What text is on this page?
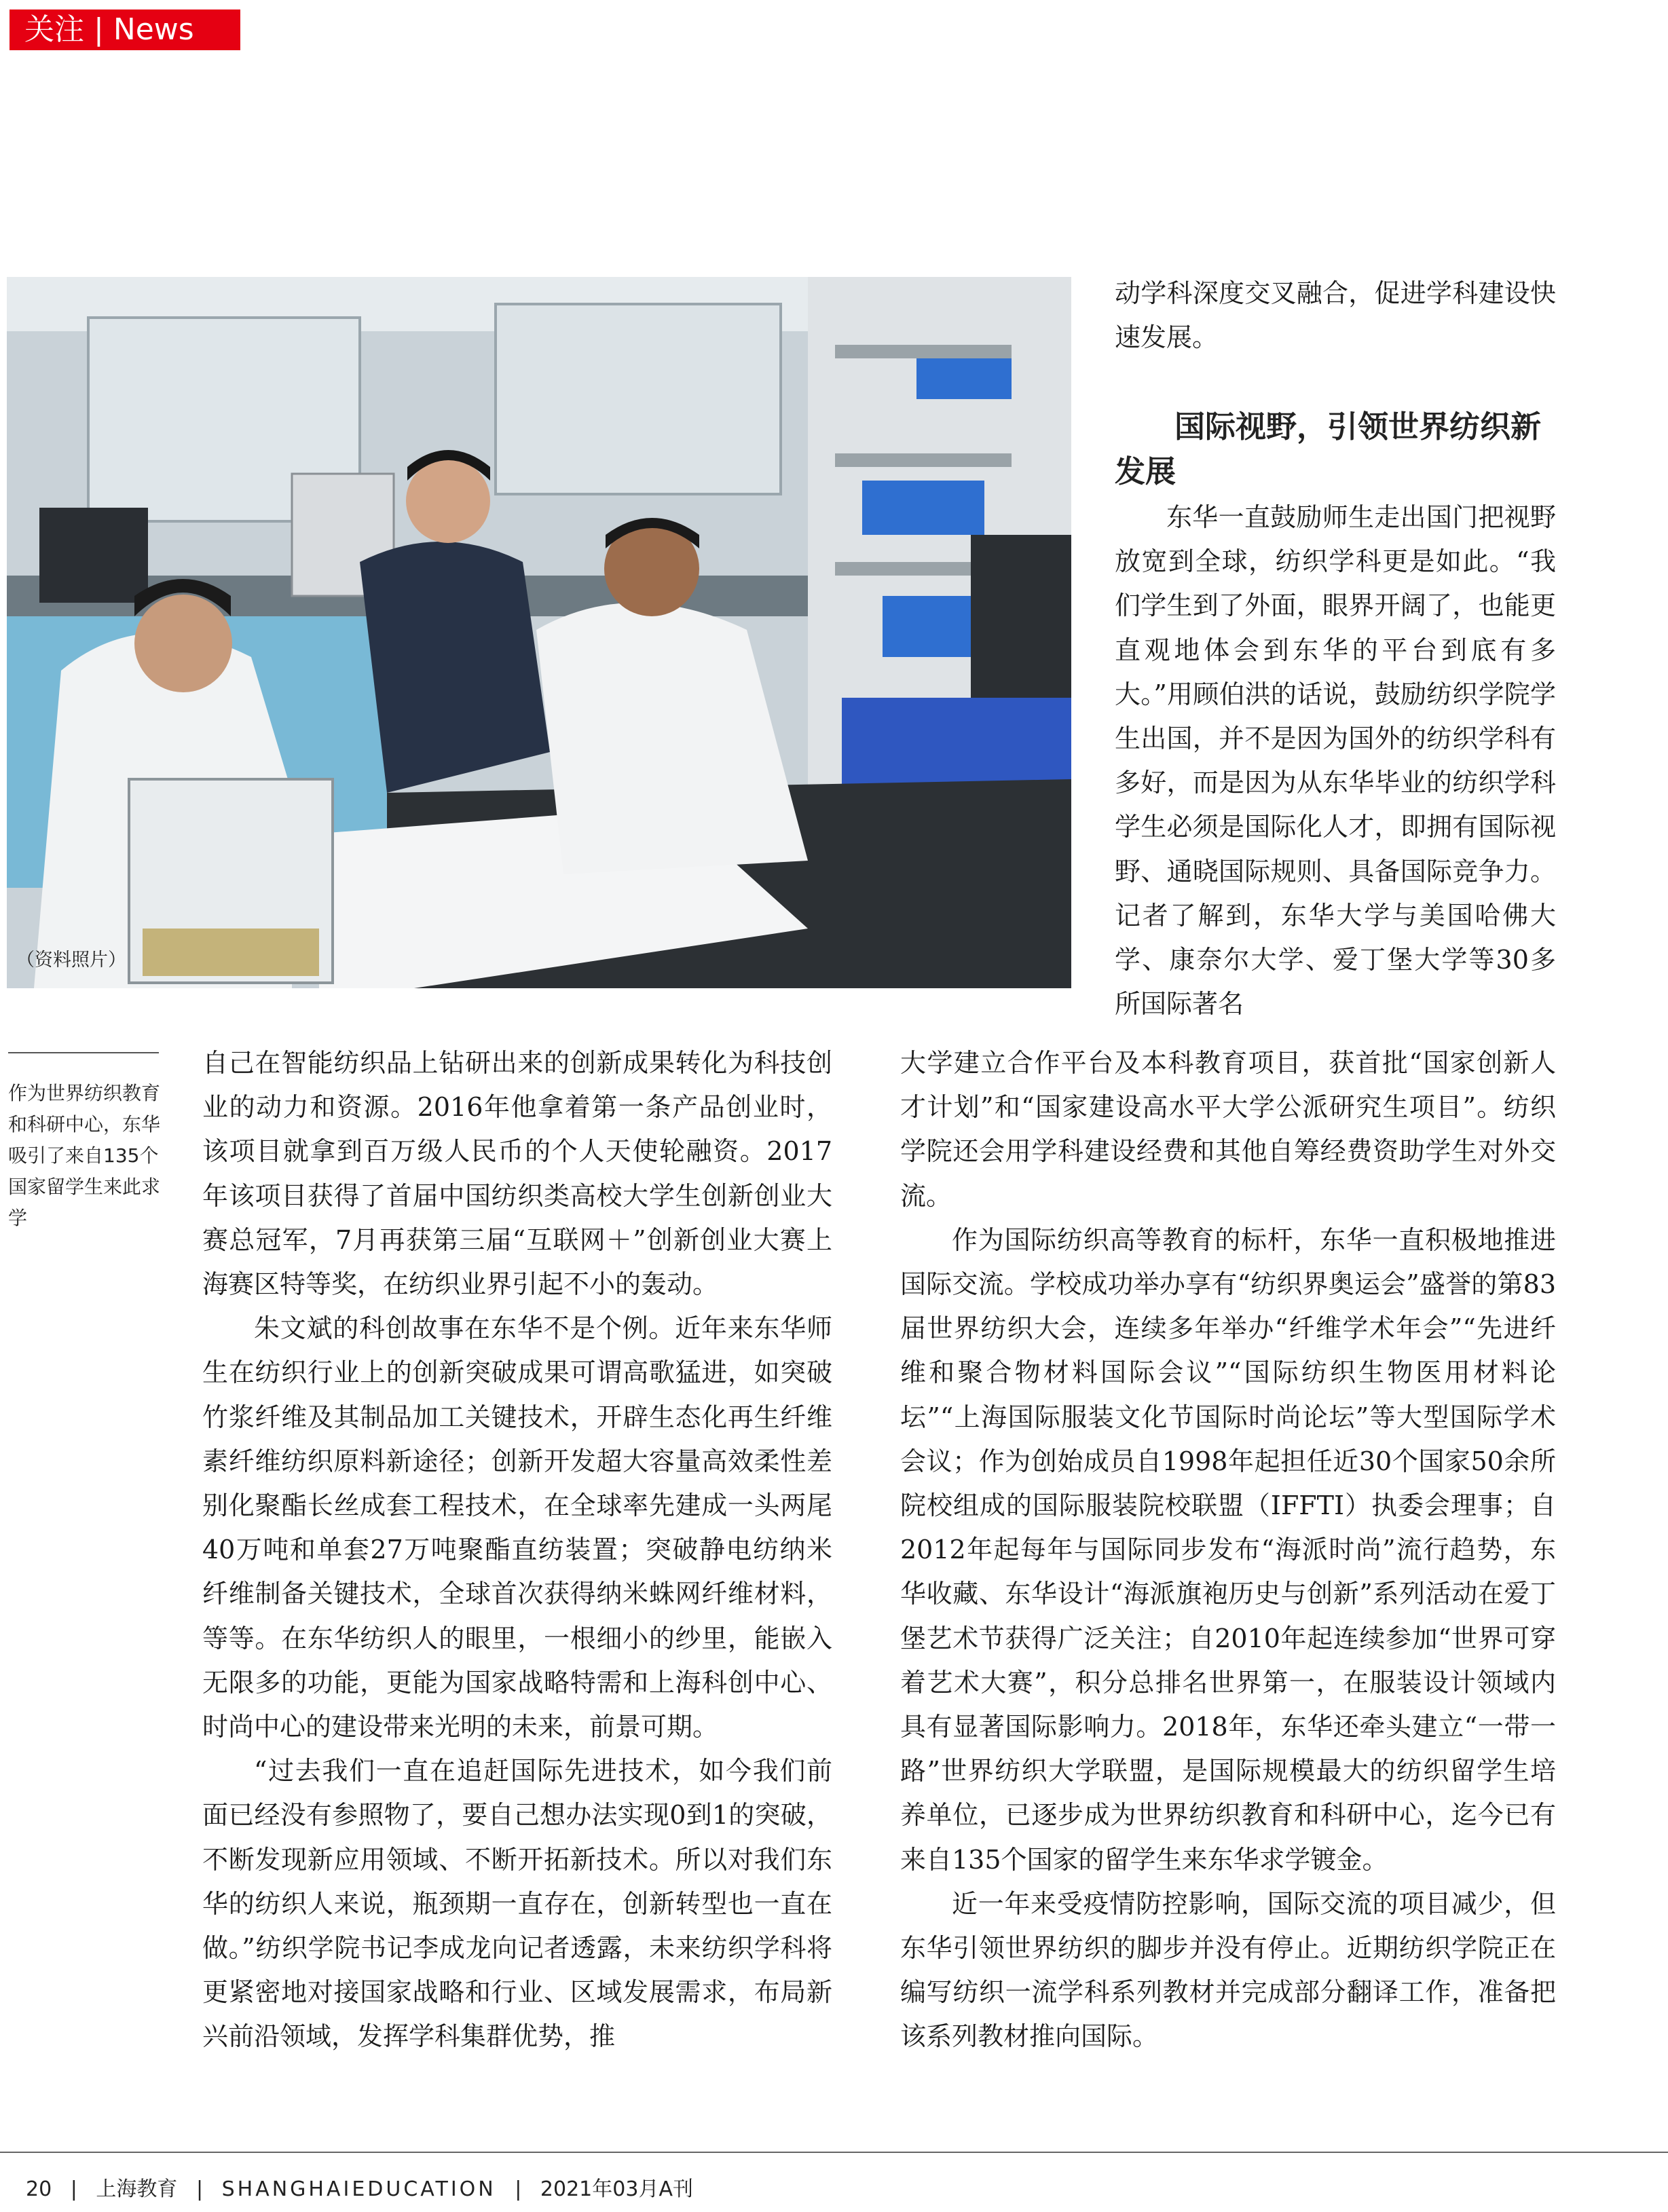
关注 | News
（资料照片）
作为世界纺织教育和科研中心，东华吸引了来自135个国家留学生来此求学

自己在智能纺织品上钻研出来的创新成果转化为科技创业的动力和资源。2016年他拿着第一条产品创业时，该项目就拿到百万级人民币的个人天使轮融资。2017年该项目获得了首届中国纺织类高校大学生创新创业大赛总冠军，7月再获第三届“互联网＋”创新创业大赛上海赛区特等奖，在纺织业界引起不小的轰动。

朱文斌的科创故事在东华不是个例。近年来东华师生在纺织行业上的创新突破成果可谓高歌猛进，如突破竹浆纤维及其制品加工关键技术，开辟生态化再生纤维素纤维纺织原料新途径；创新开发超大容量高效柔性差别化聚酯长丝成套工程技术，在全球率先建成一头两尾40万吨和单套27万吨聚酯直纺装置；突破静电纺纳米纤维制备关键技术，全球首次获得纳米蛛网纤维材料，等等。在东华纺织人的眼里，一根细小的纱里，能嵌入无限多的功能，更能为国家战略特需和上海科创中心、时尚中心的建设带来光明的未来，前景可期。

“过去我们一直在追赶国际先进技术，如今我们前面已经没有参照物了，要自己想办法实现0到1的突破，不断发现新应用领域、不断开拓新技术。所以对我们东华的纺织人来说，瓶颈期一直存在，创新转型也一直在做。”纺织学院书记李成龙向记者透露，未来纺织学科将更紧密地对接国家战略和行业、区域发展需求，布局新兴前沿领域，发挥学科集群优势，推

动学科深度交叉融合，促进学科建设快速发展。

国际视野，引领世界纺织新发展

东华一直鼓励师生走出国门把视野放宽到全球，纺织学科更是如此。“我们学生到了外面，眼界开阔了，也能更直观地体会到东华的平台到底有多大。”用顾伯洪的话说，鼓励纺织学院学生出国，并不是因为国外的纺织学科有多好，而是因为从东华毕业的纺织学科学生必须是国际化人才，即拥有国际视野、通晓国际规则、具备国际竞争力。记者了解到，东华大学与美国哈佛大学、康奈尔大学、爱丁堡大学等30多所国际著名

大学建立合作平台及本科教育项目，获首批“国家创新人才计划”和“国家建设高水平大学公派研究生项目”。纺织学院还会用学科建设经费和其他自筹经费资助学生对外交流。

作为国际纺织高等教育的标杆，东华一直积极地推进国际交流。学校成功举办享有“纺织界奥运会”盛誉的第83届世界纺织大会，连续多年举办“纤维学术年会”“先进纤维和聚合物材料国际会议”“国际纺织生物医用材料论坛”“上海国际服装文化节国际时尚论坛”等大型国际学术会议；作为创始成员自1998年起担任近30个国家50余所院校组成的国际服装院校联盟（IFFTI）执委会理事；自2012年起每年与国际同步发布“海派时尚”流行趋势，东华收藏、东华设计“海派旗袍历史与创新”系列活动在爱丁堡艺术节获得广泛关注；自2010年起连续参加“世界可穿着艺术大赛”，积分总排名世界第一，在服装设计领域内具有显著国际影响力。2018年，东华还牵头建立“一带一路”世界纺织大学联盟，是国际规模最大的纺织留学生培养单位，已逐步成为世界纺织教育和科研中心，迄今已有来自135个国家的留学生来东华求学镀金。

近一年来受疫情防控影响，国际交流的项目减少，但东华引领世界纺织的脚步并没有停止。近期纺织学院正在编写纺织一流学科系列教材并完成部分翻译工作，准备把该系列教材推向国际。

20 | 上海教育 | SHANGHAIEDUCATION | 2021年03月A刊
